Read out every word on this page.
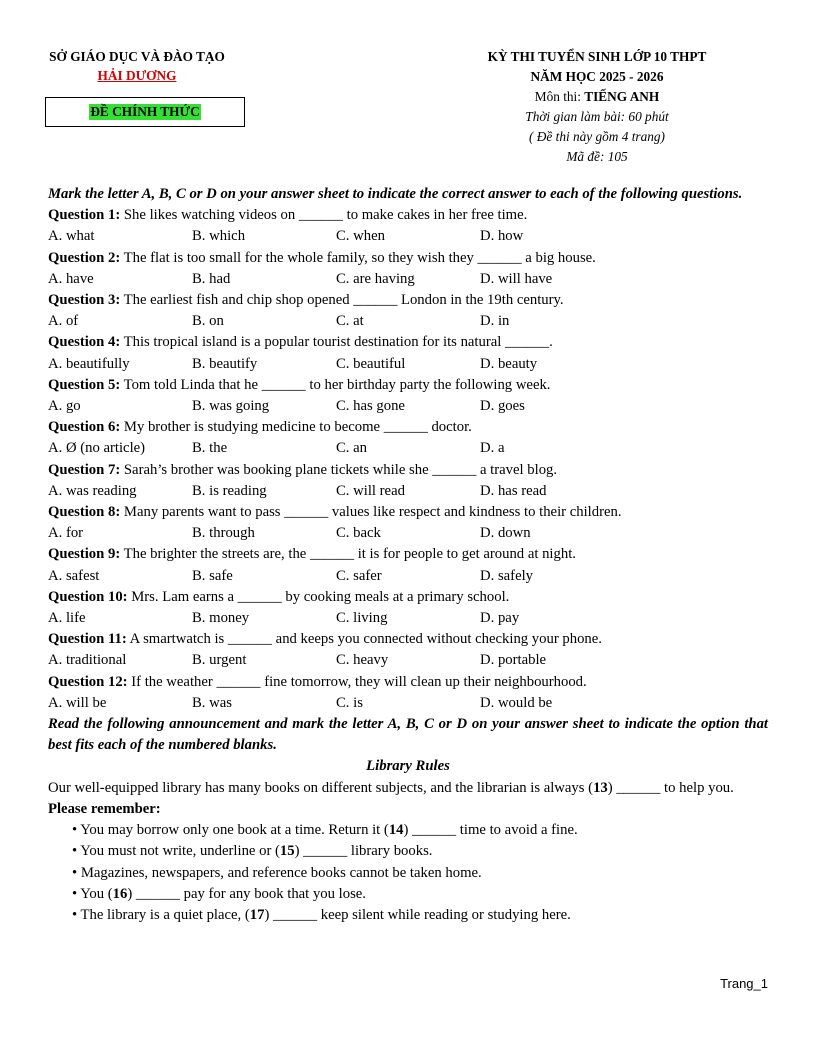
SỞ GIÁO DỤC VÀ ĐÀO TẠO
HẢI DƯƠNG
ĐỀ CHÍNH THỨC
KỲ THI TUYỂN SINH LỚP 10 THPT
NĂM HỌC 2025 - 2026
Môn thi: TIẾNG ANH
Thời gian làm bài: 60 phút
( Đề thi này gồm 4 trang)
Mã đề: 105
Mark the letter A, B, C or D on your answer sheet to indicate the correct answer to each of the following questions.
Question 1: She likes watching videos on ______ to make cakes in her free time.
A. what	B. which	C. when	D. how
Question 2: The flat is too small for the whole family, so they wish they ______ a big house.
A. have	B. had	C. are having	D. will have
Question 3: The earliest fish and chip shop opened ______ London in the 19th century.
A. of	B. on	C. at	D. in
Question 4: This tropical island is a popular tourist destination for its natural ______.
A. beautifully	B. beautify	C. beautiful	D. beauty
Question 5: Tom told Linda that he ______ to her birthday party the following week.
A. go	B. was going	C. has gone	D. goes
Question 6: My brother is studying medicine to become ______ doctor.
A. Ø (no article)	B. the	C. an	D. a
Question 7: Sarah’s brother was booking plane tickets while she ______ a travel blog.
A. was reading	B. is reading	C. will read	D. has read
Question 8: Many parents want to pass ______ values like respect and kindness to their children.
A. for	B. through	C. back	D. down
Question 9: The brighter the streets are, the ______ it is for people to get around at night.
A. safest	B. safe	C. safer	D. safely
Question 10: Mrs. Lam earns a ______ by cooking meals at a primary school.
A. life	B. money	C. living	D. pay
Question 11: A smartwatch is ______ and keeps you connected without checking your phone.
A. traditional	B. urgent	C. heavy	D. portable
Question 12: If the weather ______ fine tomorrow, they will clean up their neighbourhood.
A. will be	B. was	C. is	D. would be
Read the following announcement and mark the letter A, B, C or D on your answer sheet to indicate the option that best fits each of the numbered blanks.
Library Rules
Our well-equipped library has many books on different subjects, and the librarian is always (13) ______ to help you.
Please remember:
• You may borrow only one book at a time. Return it (14) ______ time to avoid a fine.
• You must not write, underline or (15) ______ library books.
• Magazines, newspapers, and reference books cannot be taken home.
• You (16) ______ pay for any book that you lose.
• The library is a quiet place, (17) ______ keep silent while reading or studying here.
Trang_1
